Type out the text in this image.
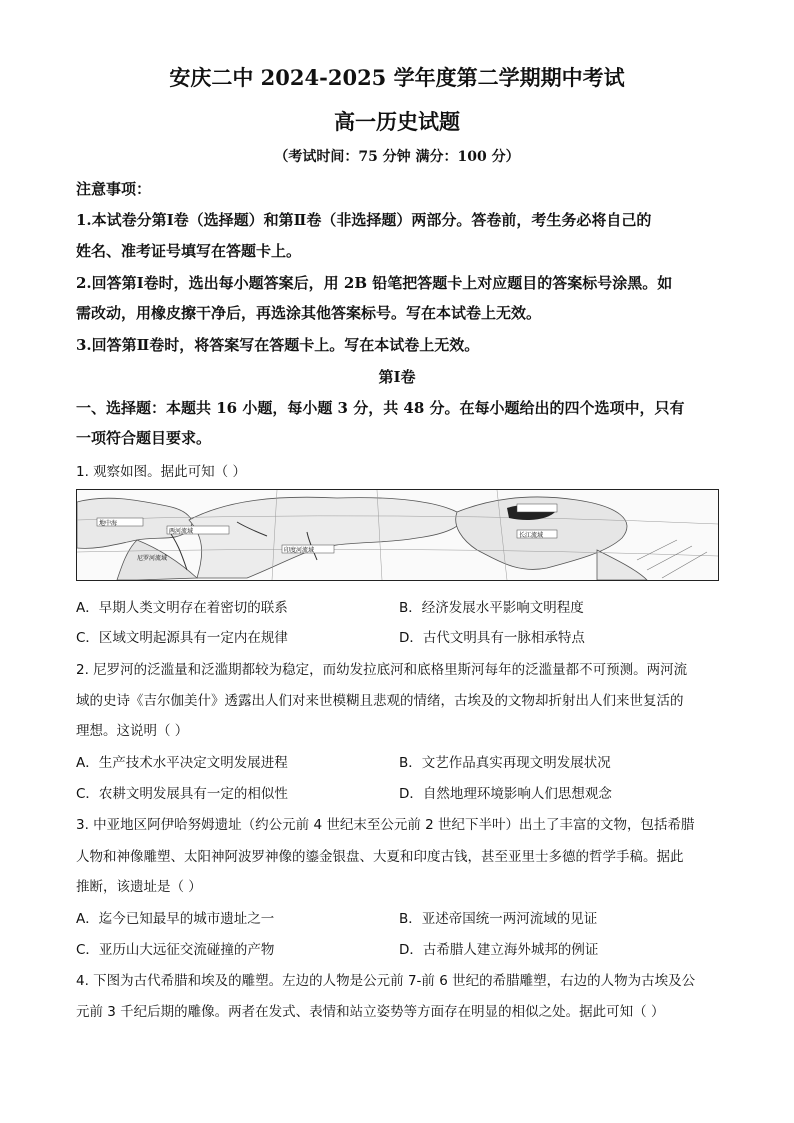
安庆二中 2024-2025 学年度第二学期期中考试
高一历史试题
（考试时间：75 分钟 满分：100 分）
注意事项：
1.本试卷分第Ⅰ卷（选择题）和第Ⅱ卷（非选择题）两部分。答卷前，考生务必将自己的
姓名、准考证号填写在答题卡上。
2.回答第Ⅰ卷时，选出每小题答案后，用 2B 铅笔把答题卡上对应题目的答案标号涂黑。如
需改动，用橡皮擦干净后，再选涂其他答案标号。写在本试卷上无效。
3.回答第Ⅱ卷时，将答案写在答题卡上。写在本试卷上无效。
第Ⅰ卷
一、选择题：本题共 16 小题，每小题 3 分，共 48 分。在每小题给出的四个选项中，只有
一项符合题目要求。
1. 观察如图。据此可知（ ）
地中海
两河流域
印度河流域
黄河流域
长江流域
尼罗河流域
A．早期人类文明存在着密切的联系	B．经济发展水平影响文明程度
C．区域文明起源具有一定内在规律	D．古代文明具有一脉相承特点
2. 尼罗河的泛滥量和泛滥期都较为稳定，而幼发拉底河和底格里斯河每年的泛滥量都不可预测。两河流
域的史诗《吉尔伽美什》透露出人们对来世模糊且悲观的情绪，古埃及的文物却折射出人们来世复活的
理想。这说明（ ）
A．生产技术水平决定文明发展进程	B．文艺作品真实再现文明发展状况
C．农耕文明发展具有一定的相似性	D．自然地理环境影响人们思想观念
3. 中亚地区阿伊哈努姆遗址（约公元前 4 世纪末至公元前 2 世纪下半叶）出土了丰富的文物，包括希腊
人物和神像雕塑、太阳神阿波罗神像的鎏金银盘、大夏和印度古钱，甚至亚里士多德的哲学手稿。据此
推断，该遗址是（ ）
A．迄今已知最早的城市遗址之一	B．亚述帝国统一两河流域的见证
C．亚历山大远征交流碰撞的产物	D．古希腊人建立海外城邦的例证
4. 下图为古代希腊和埃及的雕塑。左边的人物是公元前 7-前 6 世纪的希腊雕塑，右边的人物为古埃及公
元前 3 千纪后期的雕像。两者在发式、表情和站立姿势等方面存在明显的相似之处。据此可知（ ）
